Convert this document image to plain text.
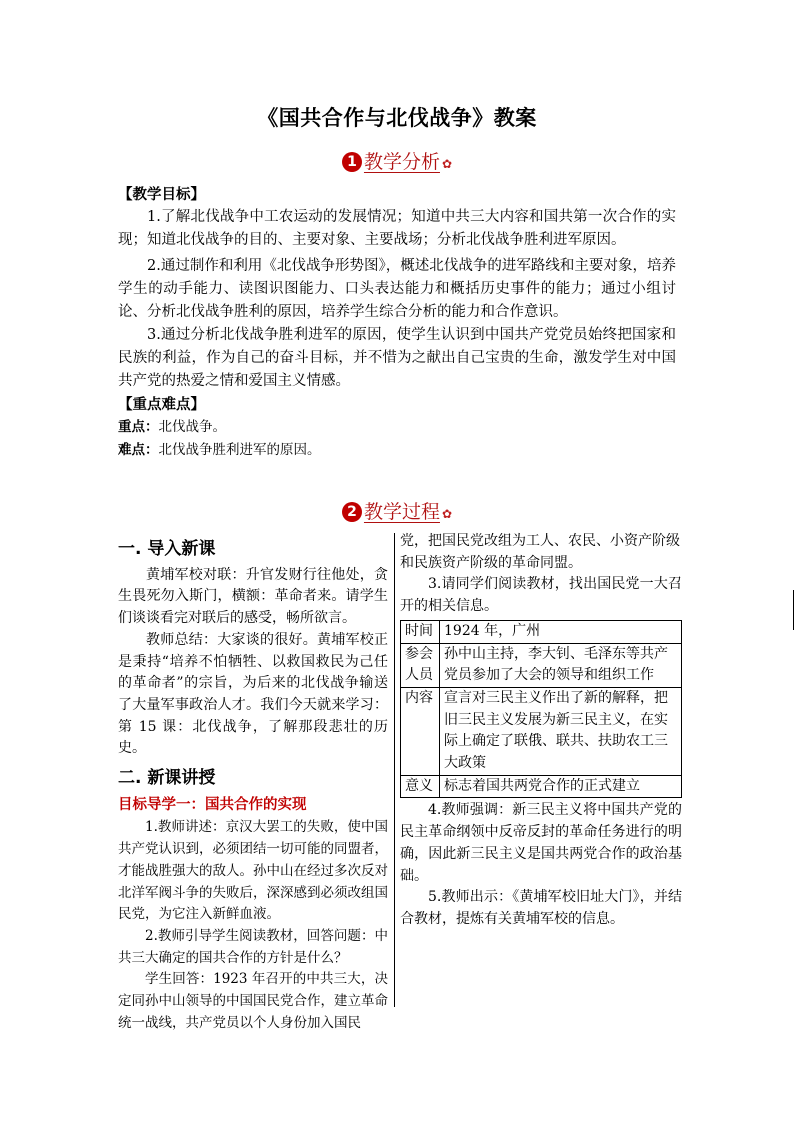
《国共合作与北伐战争》教案
1 教学分析 ✿
【教学目标】

1.了解北伐战争中工农运动的发展情况；知道中共三大内容和国共第一次合作的实现；知道北伐战争的目的、主要对象、主要战场；分析北伐战争胜利进军原因。

2.通过制作和利用《北伐战争形势图》，概述北伐战争的进军路线和主要对象，培养学生的动手能力、读图识图能力、口头表达能力和概括历史事件的能力；通过小组讨论、分析北伐战争胜利的原因，培养学生综合分析的能力和合作意识。

3.通过分析北伐战争胜利进军的原因，使学生认识到中国共产党党员始终把国家和民族的利益，作为自己的奋斗目标，并不惜为之献出自己宝贵的生命，激发学生对中国共产党的热爱之情和爱国主义情感。

【重点难点】

重点：北伐战争。

难点：北伐战争胜利进军的原因。

2 教学过程 ✿
一. 导入新课

黄埔军校对联：升官发财行往他处，贪生畏死勿入斯门，横额：革命者来。请学生们谈谈看完对联后的感受，畅所欲言。

教师总结：大家谈的很好。黄埔军校正是秉持“培养不怕牺牲、以救国救民为己任的革命者”的宗旨，为后来的北伐战争输送了大量军事政治人才。我们今天就来学习：第 15 课：北伐战争，了解那段悲壮的历史。

二. 新课讲授
目标导学一：国共合作的实现

1.教师讲述：京汉大罢工的失败，使中国共产党认识到，必须团结一切可能的同盟者，才能战胜强大的敌人。孙中山在经过多次反对北洋军阀斗争的失败后，深深感到必须改组国民党，为它注入新鲜血液。

2.教师引导学生阅读教材，回答问题：中共三大确定的国共合作的方针是什么？

学生回答：1923 年召开的中共三大，决定同孙中山领导的中国国民党合作，建立革命统一战线，共产党员以个人身份加入国民

党，把国民党改组为工人、农民、小资产阶级和民族资产阶级的革命同盟。

3.请同学们阅读教材，找出国民党一大召开的相关信息。

时间	1924 年，广州
参会人员	孙中山主持，李大钊、毛泽东等共产党员参加了大会的领导和组织工作
内容	宣言对三民主义作出了新的解释，把旧三民主义发展为新三民主义，在实际上确定了联俄、联共、扶助农工三大政策
意义	标志着国共两党合作的正式建立

4.教师强调：新三民主义将中国共产党的民主革命纲领中反帝反封的革命任务进行的明确，因此新三民主义是国共两党合作的政治基础。

5.教师出示：《黄埔军校旧址大门》，并结合教材，提炼有关黄埔军校的信息。
